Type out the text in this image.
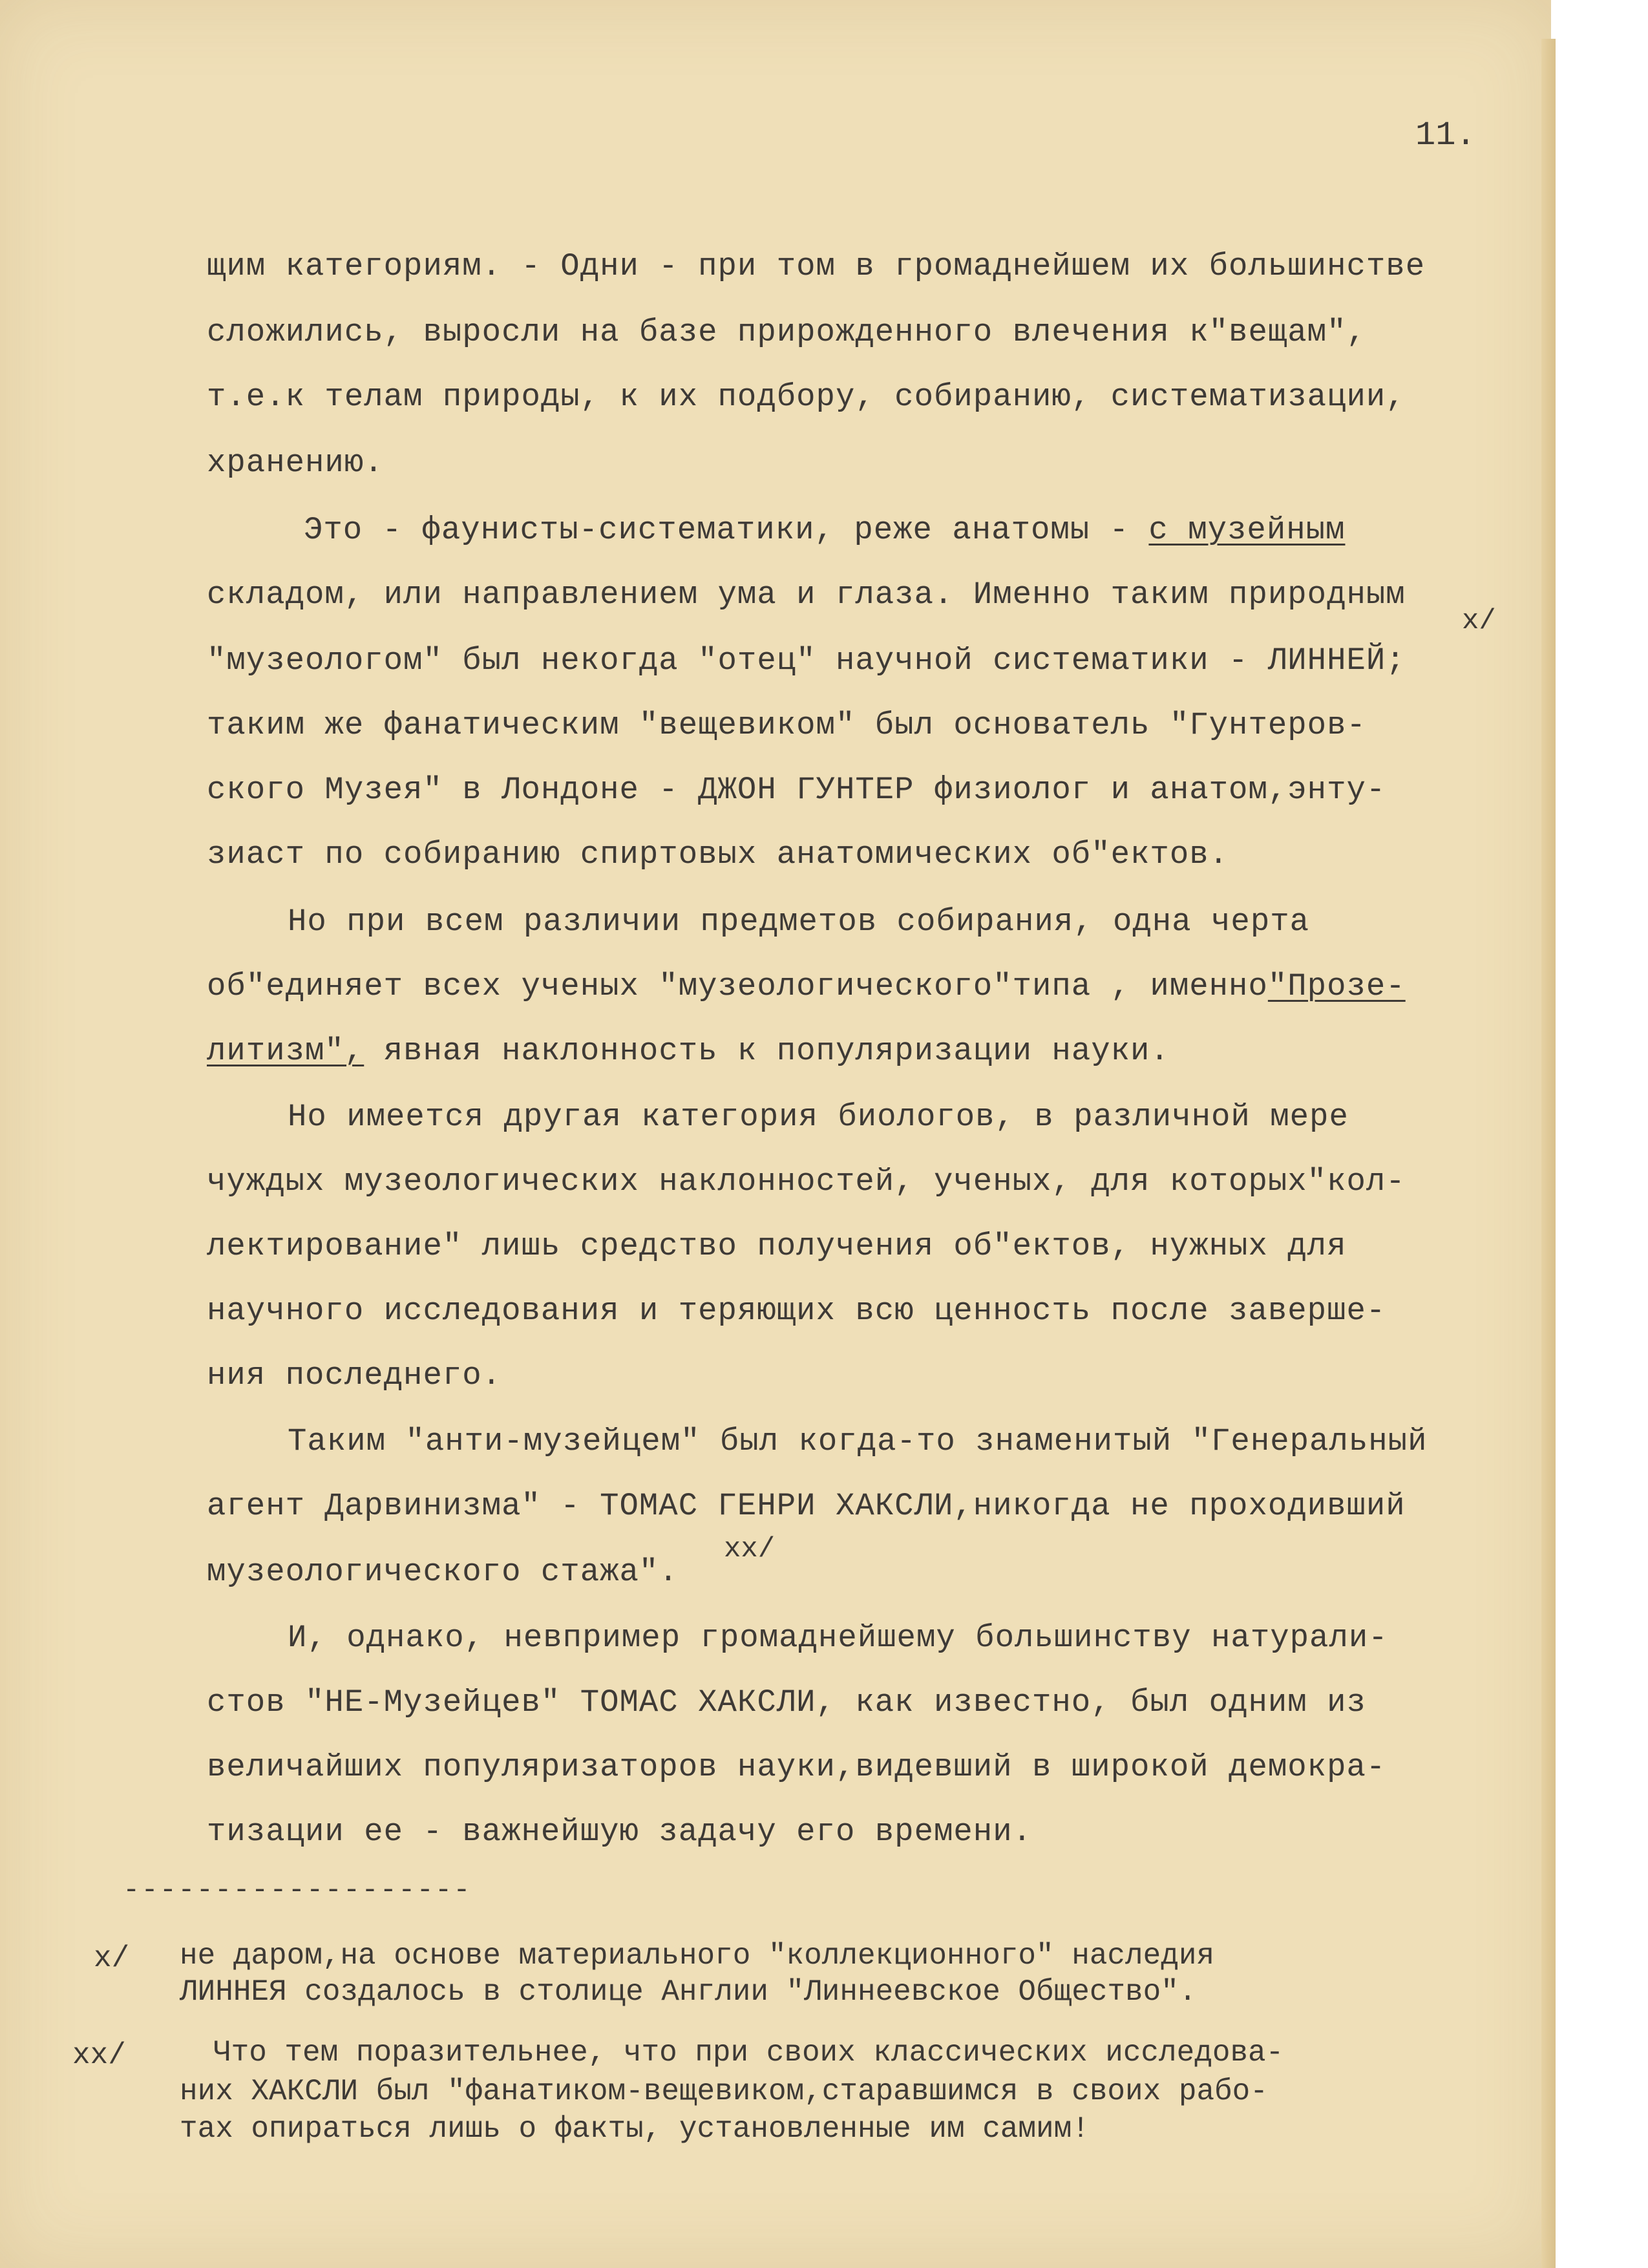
11.

щим категориям. - Одни - при том в громаднейшем их большинстве

сложились, выросли на базе прирожденного влечения к"вещам",

т.е.к телам природы, к их подбору, собиранию, систематизации,

хранению.

Это - фаунисты-систематики, реже анатомы - с музейным

складом, или направлением ума и глаза. Именно таким природным

"музеологом" был некогда "отец" научной систематики - ЛИННЕЙ;

таким же фанатическим "вещевиком" был основатель "Гунтеров-

ского Музея" в Лондоне - ДЖОН ГУНТЕР физиолог и анатом,энту-

зиаст по собиранию спиртовых анатомических об"ектов.

Но при всем различии предметов собирания, одна черта

об"единяет всех ученых "музеологического"типа , именно"Прозе-

литизм", явная наклонность к популяризации науки.

Но имеется другая категория биологов, в различной мере

чуждых музеологических наклонностей, ученых, для которых"кол-

лектирование" лишь средство получения об"ектов, нужных для

научного исследования и теряющих всю ценность после заверше-

ния последнего.

Таким "анти-музейцем" был когда-то знаменитый "Генеральный

агент Дарвинизма" - ТОМАС ГЕНРИ ХАКСЛИ,никогда не проходивший

музеологического стажа".

И, однако, невпример громаднейшему большинству натурали-

стов "НЕ-Музейцев" ТОМАС ХАКСЛИ, как известно, был одним из

величайших популяризаторов науки,видевший в широкой демокра-

тизации ее - важнейшую задачу его времени.

x/
xx/
-------------------
x/ не даром,на основе материального "коллекционного" наследия
ЛИННЕЯ создалось в столице Англии "Линнеевское Общество".
xx/	Что тем поразительнее, что при своих классических исследова-
них ХАКСЛИ был "фанатиком-вещевиком,старавшимся в своих рабо-
тах опираться лишь о факты, установленные им самим!
